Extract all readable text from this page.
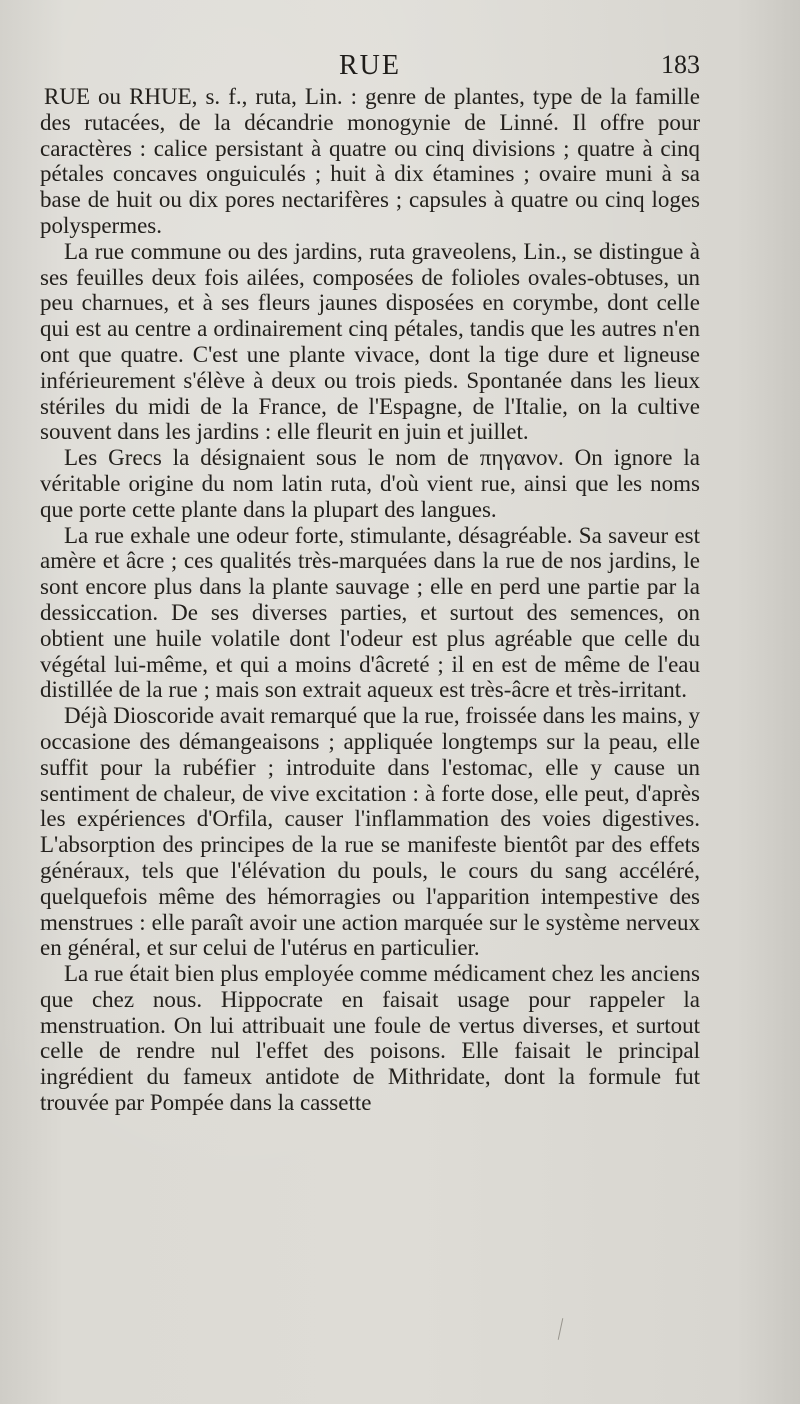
RUE	183

RUE ou RHUE, s. f., ruta, Lin. : genre de plantes, type de la famille des rutacées, de la décandrie monogynie de Linné. Il offre pour caractères : calice persistant à quatre ou cinq divisions ; quatre à cinq pétales concaves onguiculés ; huit à dix étamines ; ovaire muni à sa base de huit ou dix pores nectarifères ; capsules à quatre ou cinq loges polyspermes.

La rue commune ou des jardins, ruta graveolens, Lin., se distingue à ses feuilles deux fois ailées, composées de folioles ovales-obtuses, un peu charnues, et à ses fleurs jaunes disposées en corymbe, dont celle qui est au centre a ordinairement cinq pétales, tandis que les autres n'en ont que quatre. C'est une plante vivace, dont la tige dure et ligneuse inférieurement s'élève à deux ou trois pieds. Spontanée dans les lieux stériles du midi de la France, de l'Espagne, de l'Italie, on la cultive souvent dans les jardins : elle fleurit en juin et juillet.

Les Grecs la désignaient sous le nom de πηγανον. On ignore la véritable origine du nom latin ruta, d'où vient rue, ainsi que les noms que porte cette plante dans la plupart des langues.

La rue exhale une odeur forte, stimulante, désagréable. Sa saveur est amère et âcre ; ces qualités très-marquées dans la rue de nos jardins, le sont encore plus dans la plante sauvage ; elle en perd une partie par la dessiccation. De ses diverses parties, et surtout des semences, on obtient une huile volatile dont l'odeur est plus agréable que celle du végétal lui-même, et qui a moins d'âcreté ; il en est de même de l'eau distillée de la rue ; mais son extrait aqueux est très-âcre et très-irritant.

Déjà Dioscoride avait remarqué que la rue, froissée dans les mains, y occasione des démangeaisons ; appliquée longtemps sur la peau, elle suffit pour la rubéfier ; introduite dans l'estomac, elle y cause un sentiment de chaleur, de vive excitation : à forte dose, elle peut, d'après les expériences d'Orfila, causer l'inflammation des voies digestives. L'absorption des principes de la rue se manifeste bientôt par des effets généraux, tels que l'élévation du pouls, le cours du sang accéléré, quelquefois même des hémorragies ou l'apparition intempestive des menstrues : elle paraît avoir une action marquée sur le système nerveux en général, et sur celui de l'utérus en particulier.

La rue était bien plus employée comme médicament chez les anciens que chez nous. Hippocrate en faisait usage pour rappeler la menstruation. On lui attribuait une foule de vertus diverses, et surtout celle de rendre nul l'effet des poisons. Elle faisait le principal ingrédient du fameux antidote de Mithridate, dont la formule fut trouvée par Pompée dans la cassette
